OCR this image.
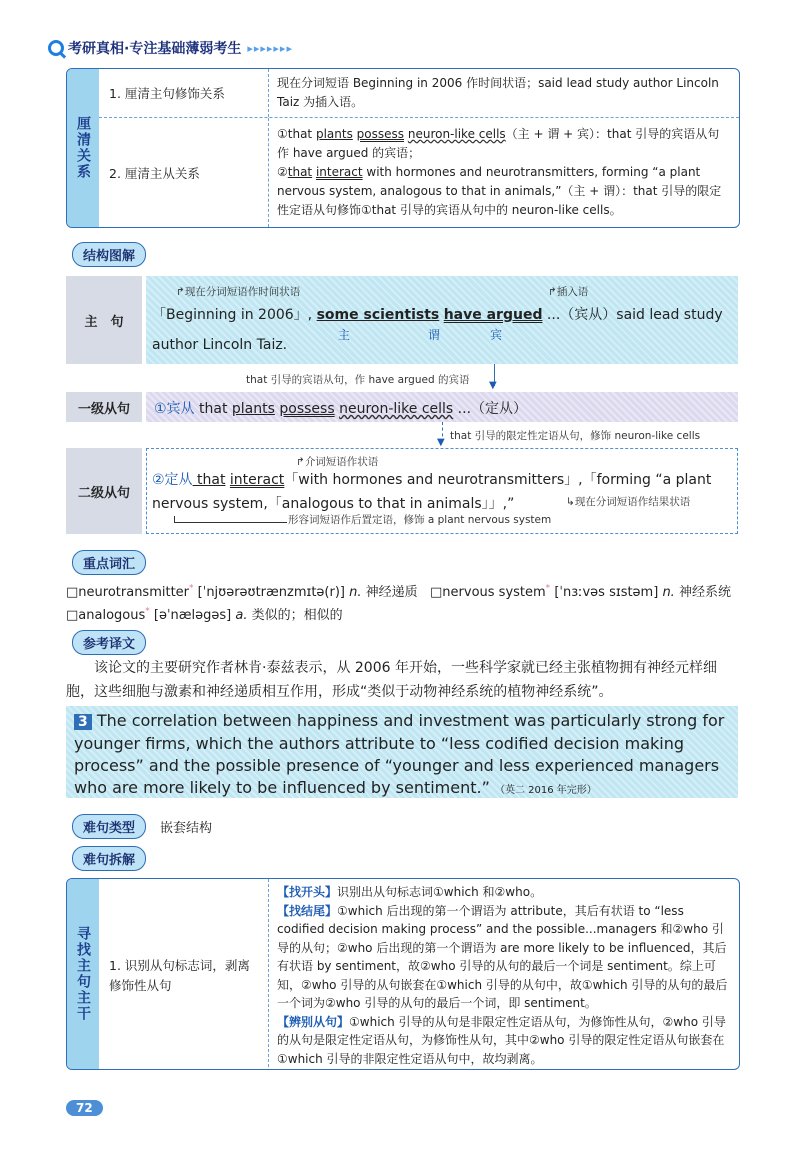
考研真相 ·专注基础薄弱考生 ▸▸▸▸▸▸▸
厘清关系
1. 厘清主句修饰关系
现在分词短语 Beginning in 2006 作时间状语；said lead study author Lincoln Taiz 为插入语。
2. 厘清主从关系
①that plants possess neuron-like cells（主 + 谓 + 宾）：that 引导的宾语从句作 have argued 的宾语；
②that interact with hormones and neurotransmitters, forming “a plant nervous system, analogous to that in animals,”（主 + 谓）：that 引导的限定性定语从句修饰①that 引导的宾语从句中的 neuron-like cells。
结构图解
主　句
↱现在分词短语作时间状语	↱插入语
「Beginning in 2006」, some scientists have argued ...（宾从）said lead study author Lincoln Taiz.
主	谓	宾
▼
that 引导的宾语从句，作 have argued 的宾语
一级从句	①宾从 that plants possess neuron-like cells ...（定从）
▼
that 引导的限定性定语从句，修饰 neuron-like cells
二级从句
↱介词短语作状语
②定从 that interact「with hormones and neurotransmitters」,「forming “a plant nervous system,「analogous to that in animals」」,”	↳现在分词短语作结果状语
形容词短语作后置定语，修饰 a plant nervous system
重点词汇
□neurotransmitter* [ˈnjʊərəʊtrænzmɪtə(r)] n. 神经递质 □nervous system* [ˈnɜːvəs sɪstəm] n. 神经系统
□analogous* [əˈnæləgəs] a. 类似的；相似的
参考译文
该论文的主要研究作者林肯·泰兹表示，从 2006 年开始，一些科学家就已经主张植物拥有神经元样细胞，这些细胞与激素和神经递质相互作用，形成“类似于动物神经系统的植物神经系统”。
3 The correlation between happiness and investment was particularly strong for younger firms, which the authors attribute to “less codified decision making process” and the possible presence of “younger and less experienced managers who are more likely to be influenced by sentiment.” （英二 2016 年完形）
难句类型	嵌套结构
难句拆解
寻找主句主干	1. 识别从句标志词，剥离修饰性从句
【找开头】识别出从句标志词①which 和②who。
【找结尾】①which 后出现的第一个谓语为 attribute，其后有状语 to “less codified decision making process” and the possible...managers 和②who 引导的从句；②who 后出现的第一个谓语为 are more likely to be influenced，其后有状语 by sentiment，故②who 引导的从句的最后一个词是 sentiment。综上可知，②who 引导的从句嵌套在①which 引导的从句中，故①which 引导的从句的最后一个词为②who 引导的从句的最后一个词，即 sentiment。
【辨别从句】①which 引导的从句是非限定性定语从句，为修饰性从句，②who 引导的从句是限定性定语从句，为修饰性从句，其中②who 引导的限定性定语从句嵌套在①which 引导的非限定性定语从句中，故均剥离。
72
